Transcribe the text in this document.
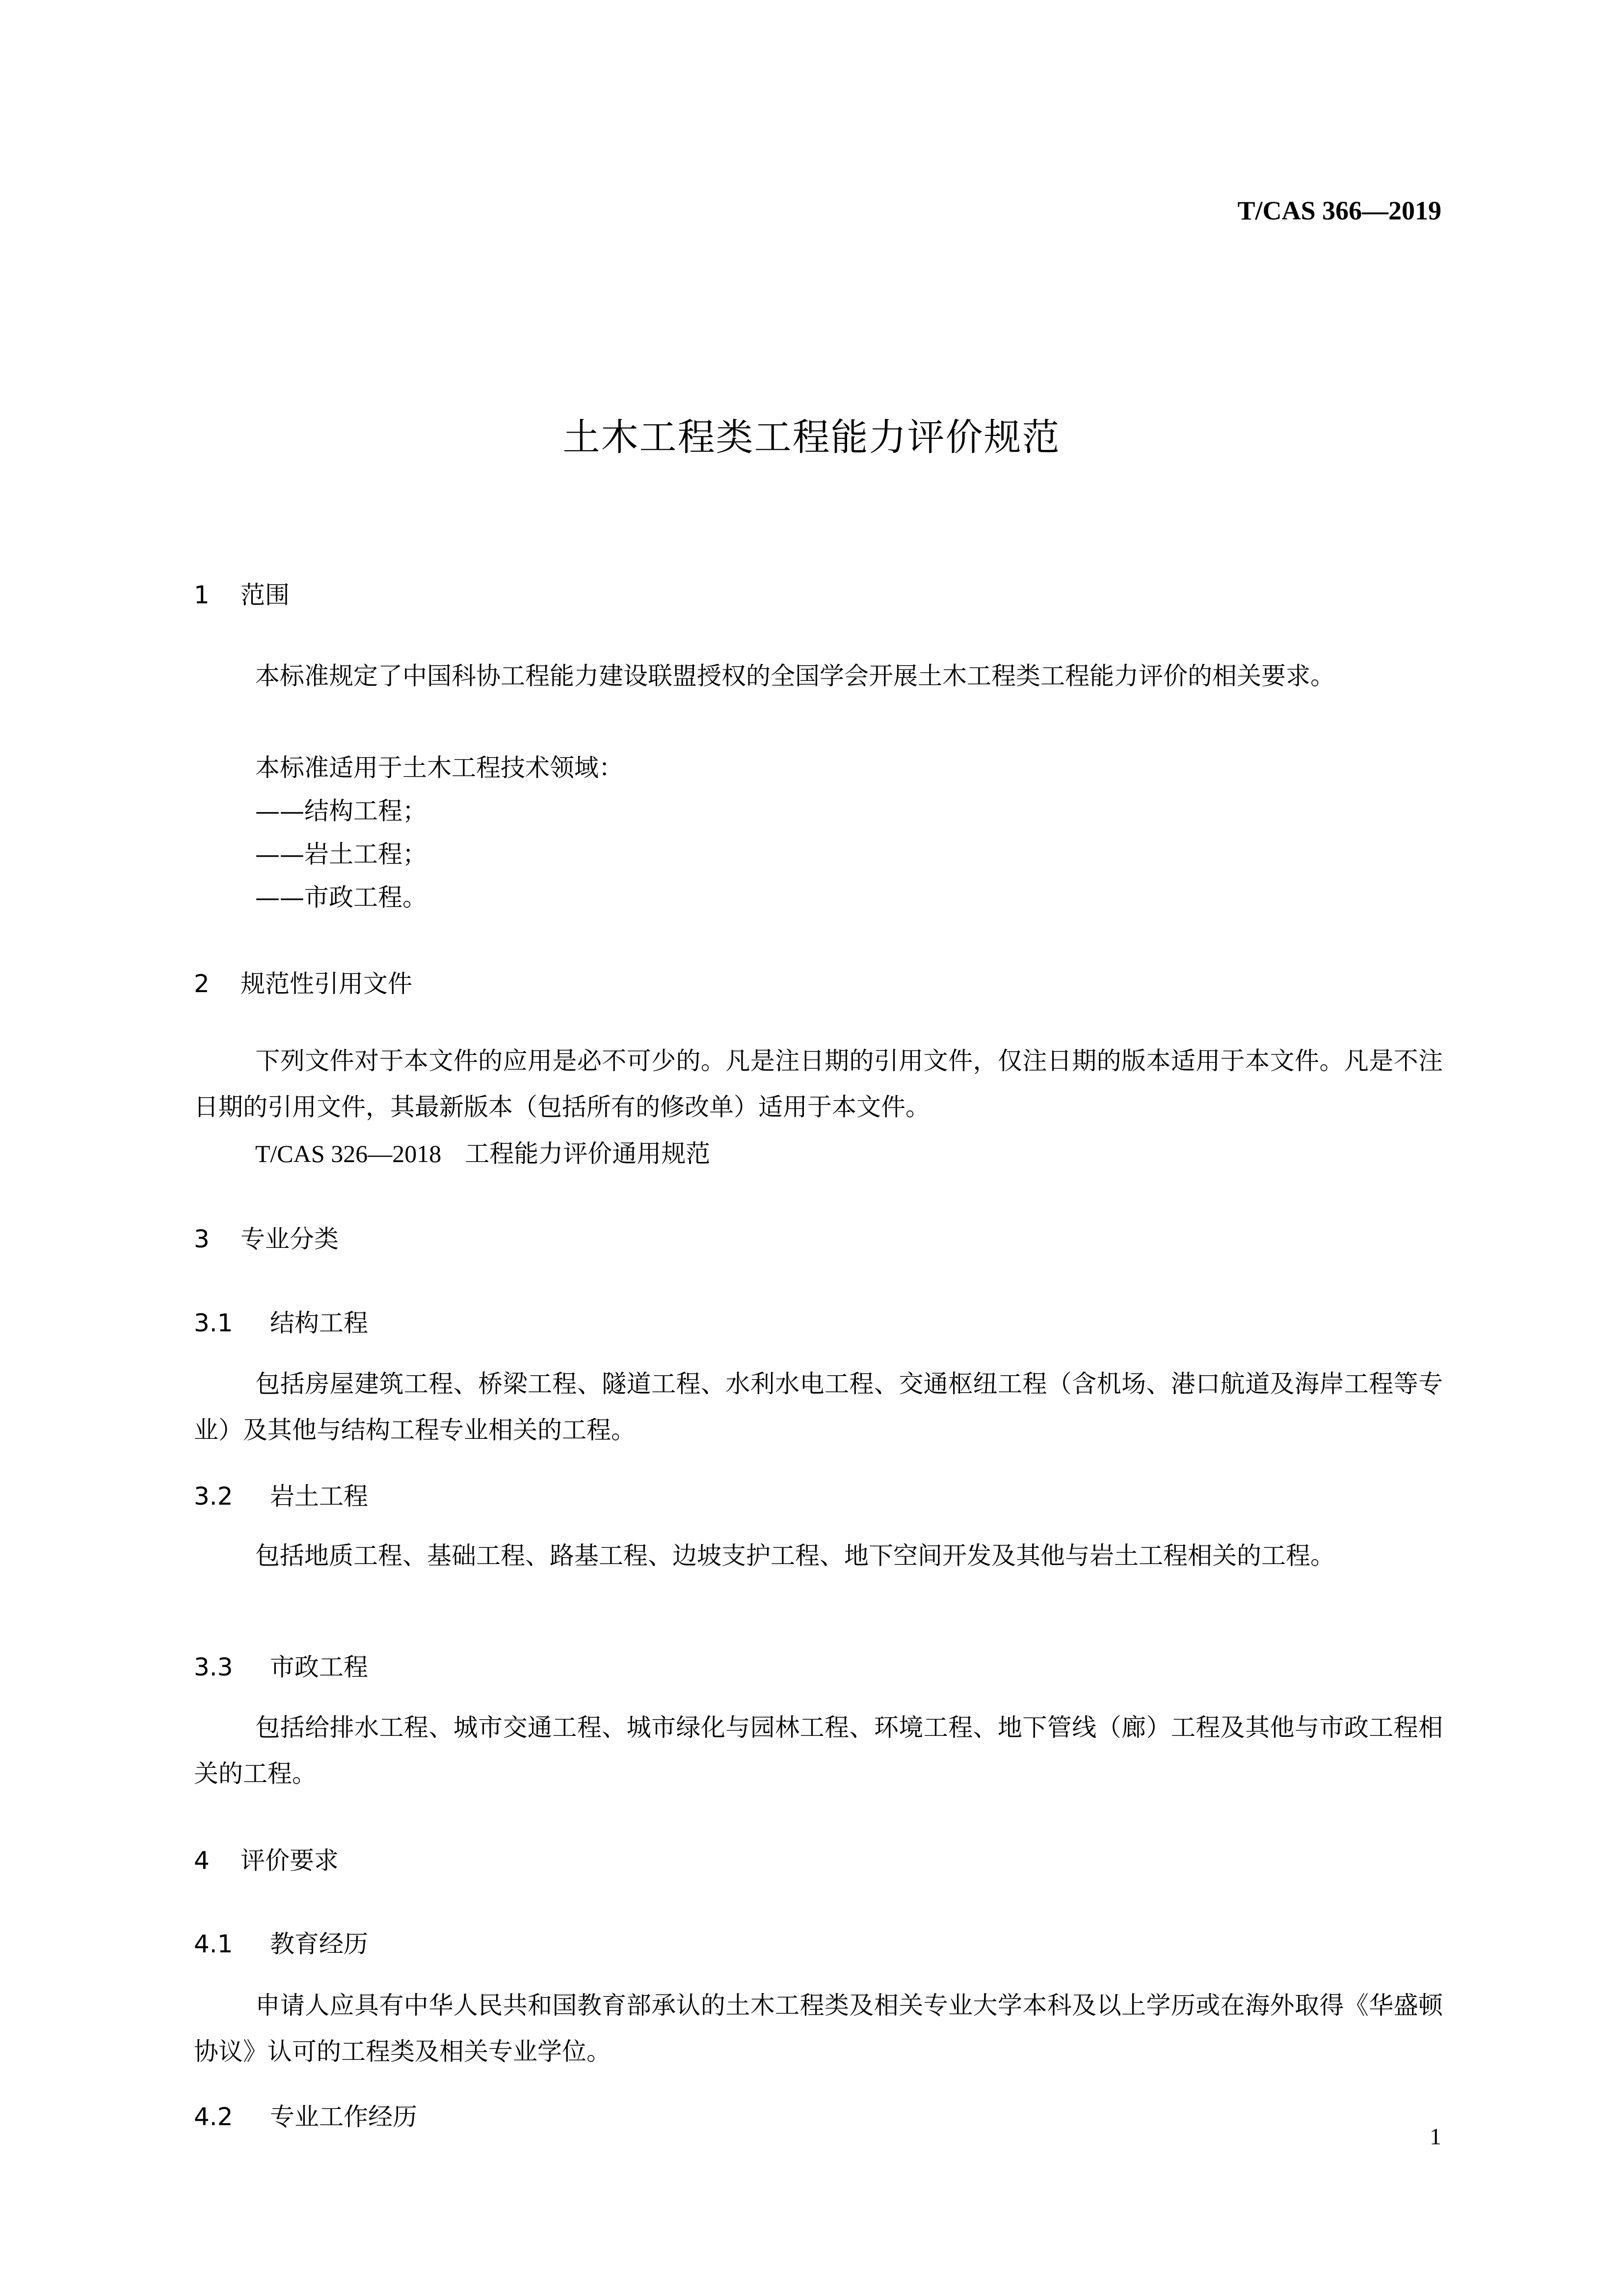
T/CAS 366—2019
土木工程类工程能力评价规范
1 范围
本标准规定了中国科协工程能力建设联盟授权的全国学会开展土木工程类工程能力评价的相关要求。
本标准适用于土木工程技术领域：
——结构工程；
——岩土工程；
——市政工程。
2 规范性引用文件
下列文件对于本文件的应用是必不可少的。凡是注日期的引用文件，仅注日期的版本适用于本文件。凡是不注日期的引用文件，其最新版本（包括所有的修改单）适用于本文件。
T/CAS 326—2018 工程能力评价通用规范
3 专业分类
3.1 结构工程
包括房屋建筑工程、桥梁工程、隧道工程、水利水电工程、交通枢纽工程（含机场、港口航道及海岸工程等专业）及其他与结构工程专业相关的工程。
3.2 岩土工程
包括地质工程、基础工程、路基工程、边坡支护工程、地下空间开发及其他与岩土工程相关的工程。
3.3 市政工程
包括给排水工程、城市交通工程、城市绿化与园林工程、环境工程、地下管线（廊）工程及其他与市政工程相关的工程。
4 评价要求
4.1 教育经历
申请人应具有中华人民共和国教育部承认的土木工程类及相关专业大学本科及以上学历或在海外取得《华盛顿协议》认可的工程类及相关专业学位。
4.2 专业工作经历
1
